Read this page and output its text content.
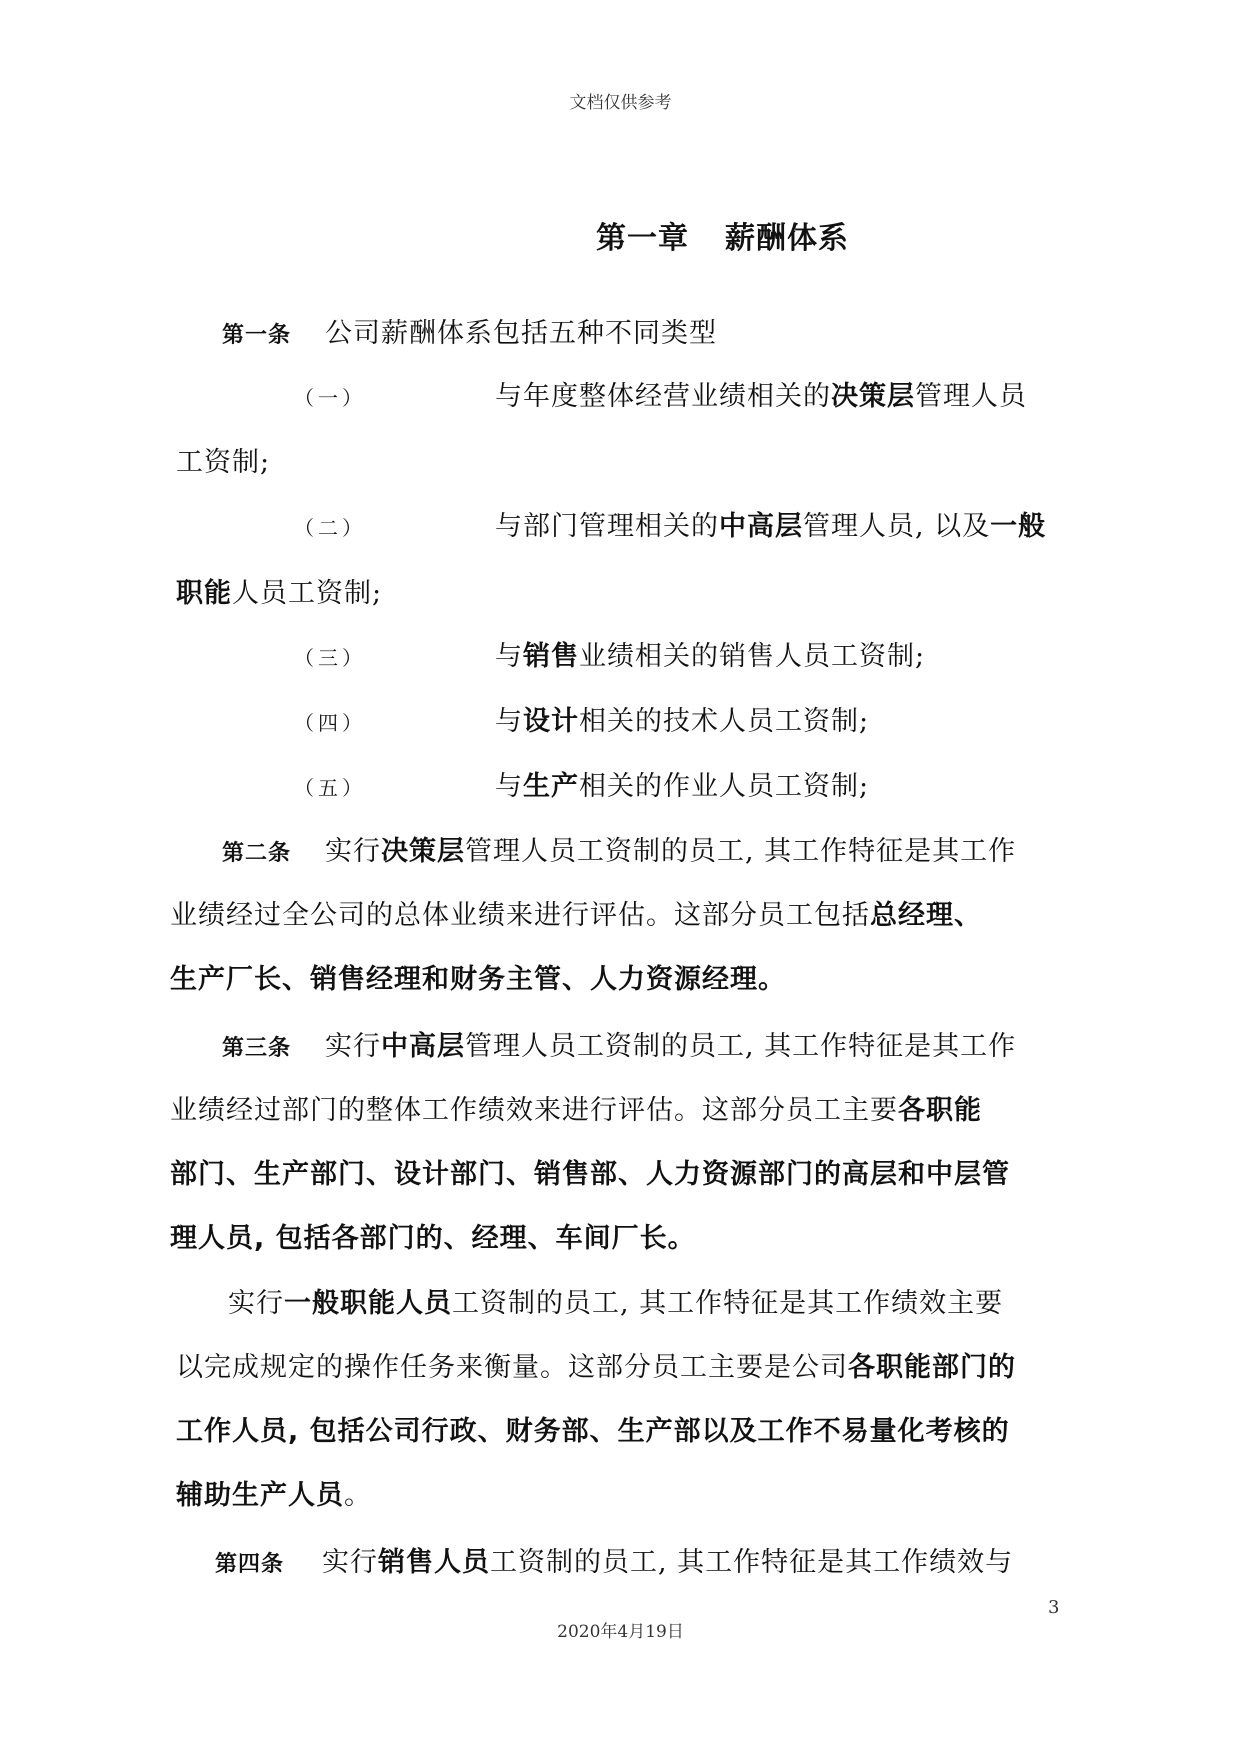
文档仅供参考
第一章 薪酬体系
第一条 公司薪酬体系包括五种不同类型
（一）	与年度整体经营业绩相关的决策层管理人员
工资制;
（二）	与部门管理相关的中高层管理人员, 以及一般
职能人员工资制;
（三）	与销售业绩相关的销售人员工资制;
（四）	与设计相关的技术人员工资制;
（五）	与生产相关的作业人员工资制;
第二条 实行决策层管理人员工资制的员工, 其工作特征是其工作
业绩经过全公司的总体业绩来进行评估。这部分员工包括总经理、
生产厂长、销售经理和财务主管、人力资源经理。
第三条 实行中高层管理人员工资制的员工, 其工作特征是其工作
业绩经过部门的整体工作绩效来进行评估。这部分员工主要各职能
部门、生产部门、设计部门、销售部、人力资源部门的高层和中层管
理人员, 包括各部门的、经理、车间厂长。
实行一般职能人员工资制的员工, 其工作特征是其工作绩效主要
以完成规定的操作任务来衡量。这部分员工主要是公司各职能部门的
工作人员, 包括公司行政、财务部、生产部以及工作不易量化考核的
辅助生产人员。
第四条 实行销售人员工资制的员工, 其工作特征是其工作绩效与
3
2020年4月19日
